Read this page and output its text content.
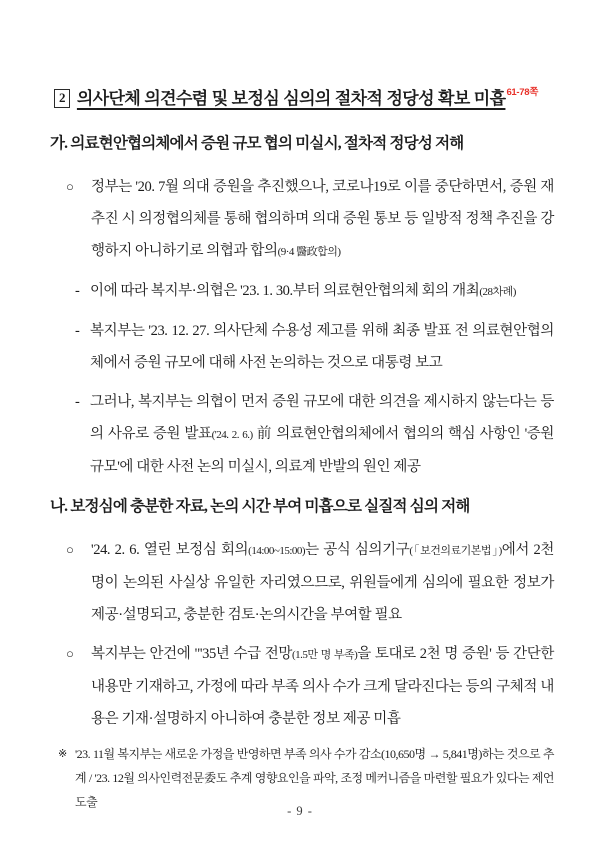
2 의사단체 의견수렴 및 보정심 심의의 절차적 정당성 확보 미흡$^{61-78쪽}$
가. 의료현안협의체에서 증원 규모 협의 미실시, 절차적 정당성 저해
○	정부는 '20. 7월 의대 증원을 추진했으나, 코로나19로 이를 중단하면서, 증원 재추진 시 의정협의체를 통해 협의하며 의대 증원 통보 등 일방적 정책 추진을 강행하지 아니하기로 의협과 합의(9·4 醫政합의)
- 이에 따라 복지부·의협은 '23. 1. 30.부터 의료현안협의체 회의 개최(28차례)
- 복지부는 '23. 12. 27. 의사단체 수용성 제고를 위해 최종 발표 전 의료현안협의체에서 증원 규모에 대해 사전 논의하는 것으로 대통령 보고
- 그러나, 복지부는 의협이 먼저 증원 규모에 대한 의견을 제시하지 않는다는 등의 사유로 증원 발표('24. 2. 6.) 前 의료현안협의체에서 협의의 핵심 사항인 '증원 규모'에 대한 사전 논의 미실시, 의료계 반발의 원인 제공
나. 보정심에 충분한 자료, 논의 시간 부여 미흡으로 실질적 심의 저해
○	'24. 2. 6. 열린 보정심 회의(14:00~15:00)는 공식 심의기구(「보건의료기본법」)에서 2천 명이 논의된 사실상 유일한 자리였으므로, 위원들에게 심의에 필요한 정보가 제공·설명되고, 충분한 검토·논의시간을 부여할 필요
○	복지부는 안건에 "'35년 수급 전망(1.5만 명 부족)을 토대로 2천 명 증원' 등 간단한 내용만 기재하고, 가정에 따라 부족 의사 수가 크게 달라진다는 등의 구체적 내용은 기재·설명하지 아니하여 충분한 정보 제공 미흡
※ '23. 11월 복지부는 새로운 가정을 반영하면 부족 의사 수가 감소(10,650명 → 5,841명)하는 것으로 추계 / '23. 12월 의사인력전문委도 추계 영향요인을 파악, 조정 메커니즘을 마련할 필요가 있다는 제언 도출
- 9 -
